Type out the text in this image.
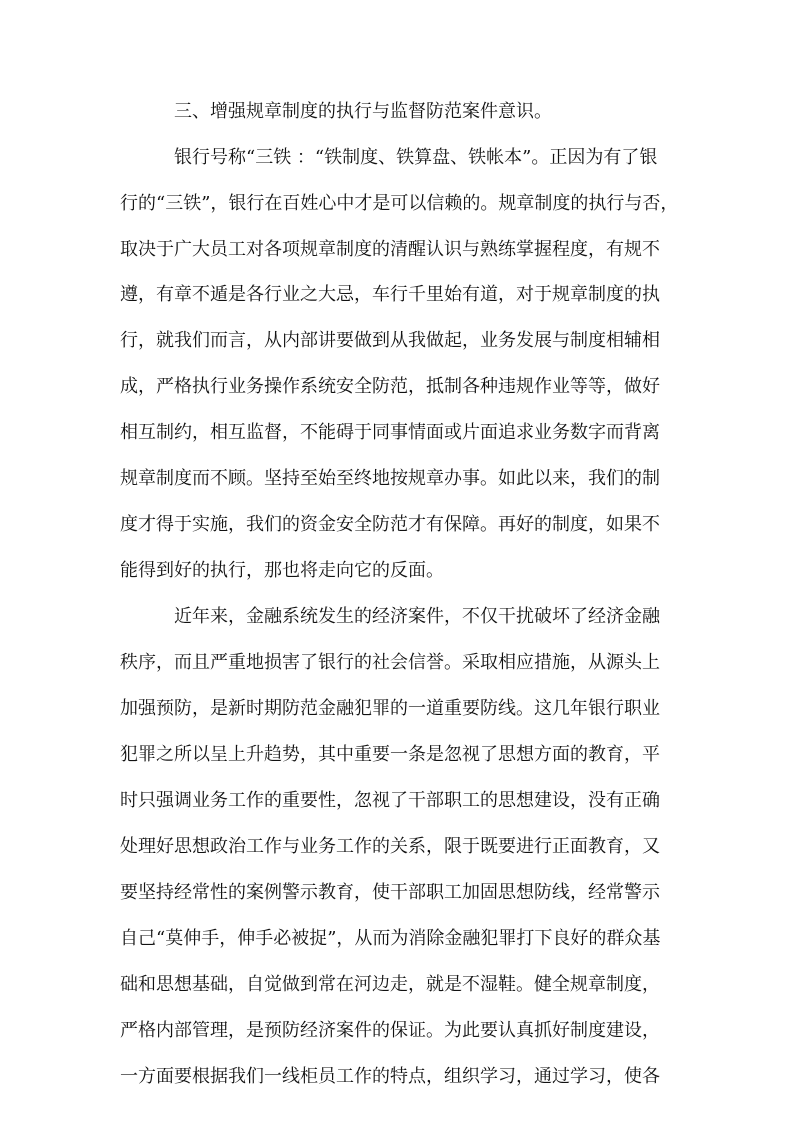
三、增强规章制度的执行与监督防范案件意识。
银行号称“三铁 ：“铁制度、铁算盘、铁帐本”。正因为有了银
行的“三铁”，银行在百姓心中才是可以信赖的。规章制度的执行与否，
取决于广大员工对各项规章制度的清醒认识与熟练掌握程度，有规不
遵，有章不遁是各行业之大忌，车行千里始有道，对于规章制度的执
行，就我们而言，从内部讲要做到从我做起，业务发展与制度相辅相
成，严格执行业务操作系统安全防范，抵制各种违规作业等等，做好
相互制约，相互监督，不能碍于同事情面或片面追求业务数字而背离
规章制度而不顾。坚持至始至终地按规章办事。如此以来，我们的制
度才得于实施，我们的资金安全防范才有保障。再好的制度，如果不
能得到好的执行，那也将走向它的反面。
近年来，金融系统发生的经济案件，不仅干扰破坏了经济金融
秩序，而且严重地损害了银行的社会信誉。采取相应措施，从源头上
加强预防，是新时期防范金融犯罪的一道重要防线。这几年银行职业
犯罪之所以呈上升趋势，其中重要一条是忽视了思想方面的教育，平
时只强调业务工作的重要性，忽视了干部职工的思想建设，没有正确
处理好思想政治工作与业务工作的关系，限于既要进行正面教育，又
要坚持经常性的案例警示教育，使干部职工加固思想防线，经常警示
自己“莫伸手，伸手必被捉”，从而为消除金融犯罪打下良好的群众基
础和思想基础，自觉做到常在河边走，就是不湿鞋。健全规章制度，
严格内部管理，是预防经济案件的保证。为此要认真抓好制度建设，
一方面要根据我们一线柜员工作的特点，组织学习，通过学习，使各
